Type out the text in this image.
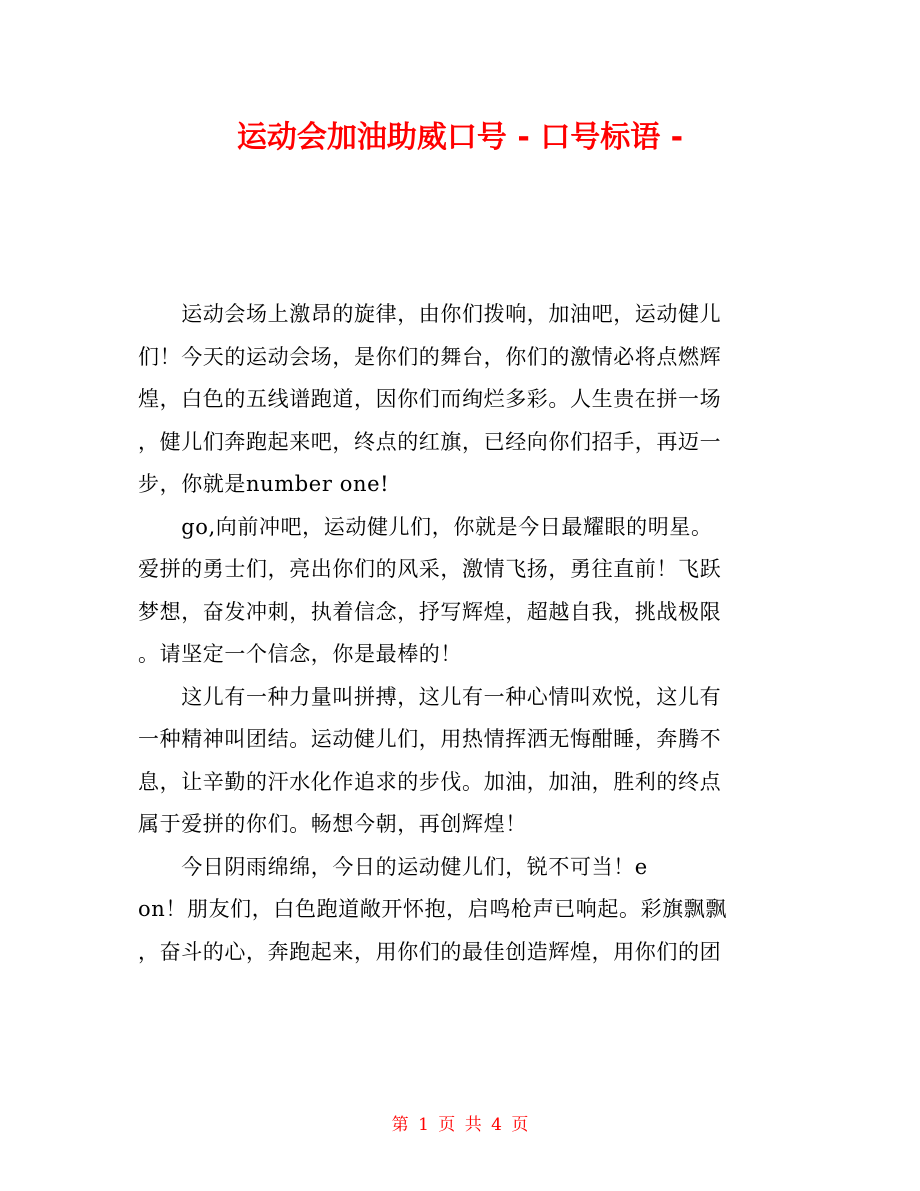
运动会加油助威口号 - 口号标语 -
　　运动会场上激昂的旋律，由你们拨响，加油吧，运动健儿
们！今天的运动会场，是你们的舞台，你们的激情必将点燃辉
煌，白色的五线谱跑道，因你们而绚烂多彩。人生贵在拼一场
，健儿们奔跑起来吧，终点的红旗，已经向你们招手，再迈一
步，你就是number one!
　　go,向前冲吧，运动健儿们，你就是今日最耀眼的明星。
爱拼的勇士们，亮出你们的风采，激情飞扬，勇往直前！飞跃
梦想，奋发冲刺，执着信念，抒写辉煌，超越自我，挑战极限
。请坚定一个信念，你是最棒的！
　　这儿有一种力量叫拼搏，这儿有一种心情叫欢悦，这儿有
一种精神叫团结。运动健儿们，用热情挥洒无悔酣睡，奔腾不
息，让辛勤的汗水化作追求的步伐。加油，加油，胜利的终点
属于爱拼的你们。畅想今朝，再创辉煌！
　　今日阴雨绵绵，今日的运动健儿们，锐不可当！e
on！朋友们，白色跑道敞开怀抱，启鸣枪声已响起。彩旗飘飘
，奋斗的心，奔跑起来，用你们的最佳创造辉煌，用你们的团
第 1 页 共 4 页
